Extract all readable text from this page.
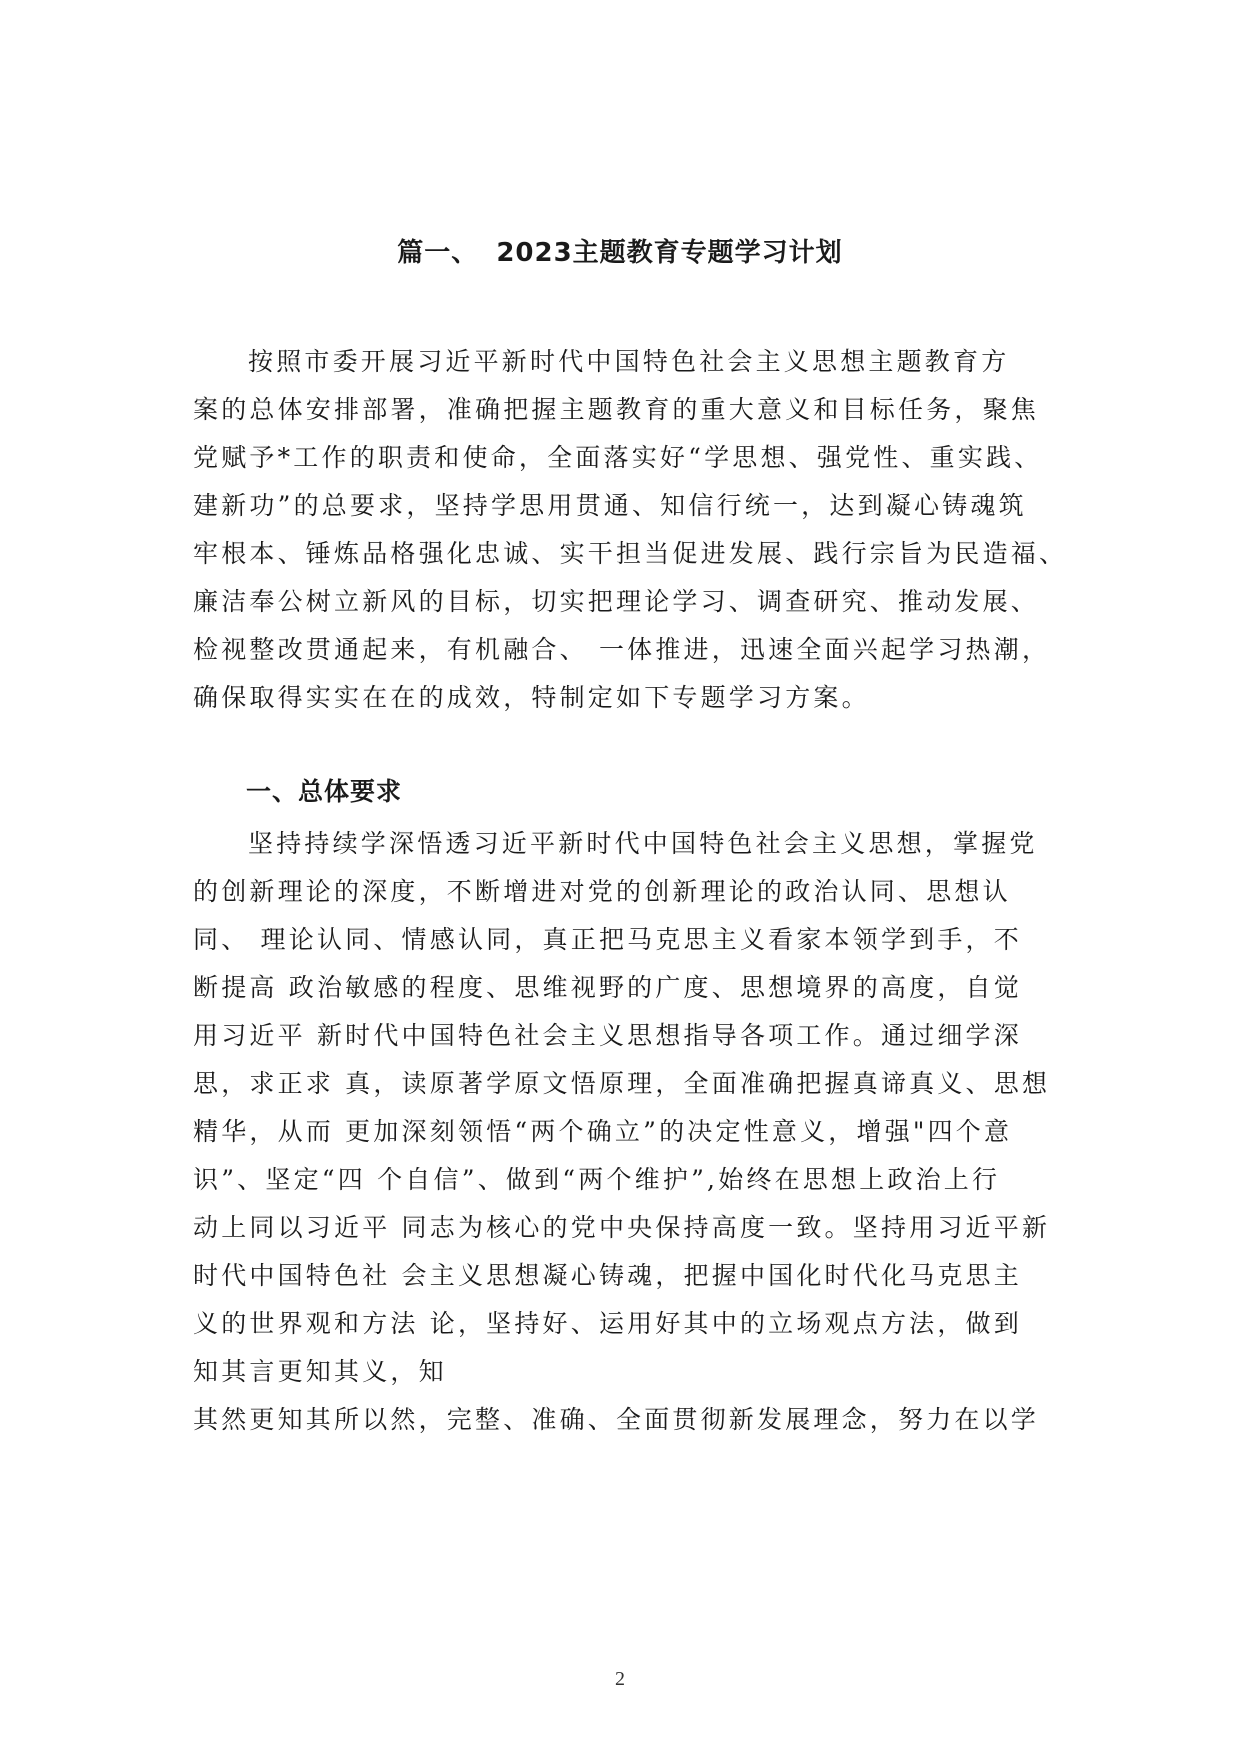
篇一、 2023主题教育专题学习计划
按照市委开展习近平新时代中国特色社会主义思想主题教育方
案的总体安排部署，准确把握主题教育的重大意义和目标任务，聚焦
党赋予*工作的职责和使命，全面落实好“学思想、强党性、重实践、
建新功”的总要求，坚持学思用贯通、知信行统一，达到凝心铸魂筑
牢根本、锤炼品格强化忠诚、实干担当促进发展、践行宗旨为民造福、
廉洁奉公树立新风的目标，切实把理论学习、调查研究、推动发展、
检视整改贯通起来，有机融合、 一体推进，迅速全面兴起学习热潮，
确保取得实实在在的成效，特制定如下专题学习方案。
一、总体要求
坚持持续学深悟透习近平新时代中国特色社会主义思想，掌握党
的创新理论的深度，不断增进对党的创新理论的政治认同、思想认
同、 理论认同、情感认同，真正把马克思主义看家本领学到手，不
断提高 政治敏感的程度、思维视野的广度、思想境界的高度，自觉
用习近平 新时代中国特色社会主义思想指导各项工作。通过细学深
思，求正求 真，读原著学原文悟原理，全面准确把握真谛真义、思想
精华，从而 更加深刻领悟“两个确立”的决定性意义，增强"四个意
识”、坚定“四 个自信”、做到“两个维护”,始终在思想上政治上行
动上同以习近平 同志为核心的党中央保持高度一致。坚持用习近平新
时代中国特色社 会主义思想凝心铸魂，把握中国化时代化马克思主
义的世界观和方法 论，坚持好、运用好其中的立场观点方法，做到
知其言更知其义，知
其然更知其所以然，完整、准确、全面贯彻新发展理念，努力在以学
2
